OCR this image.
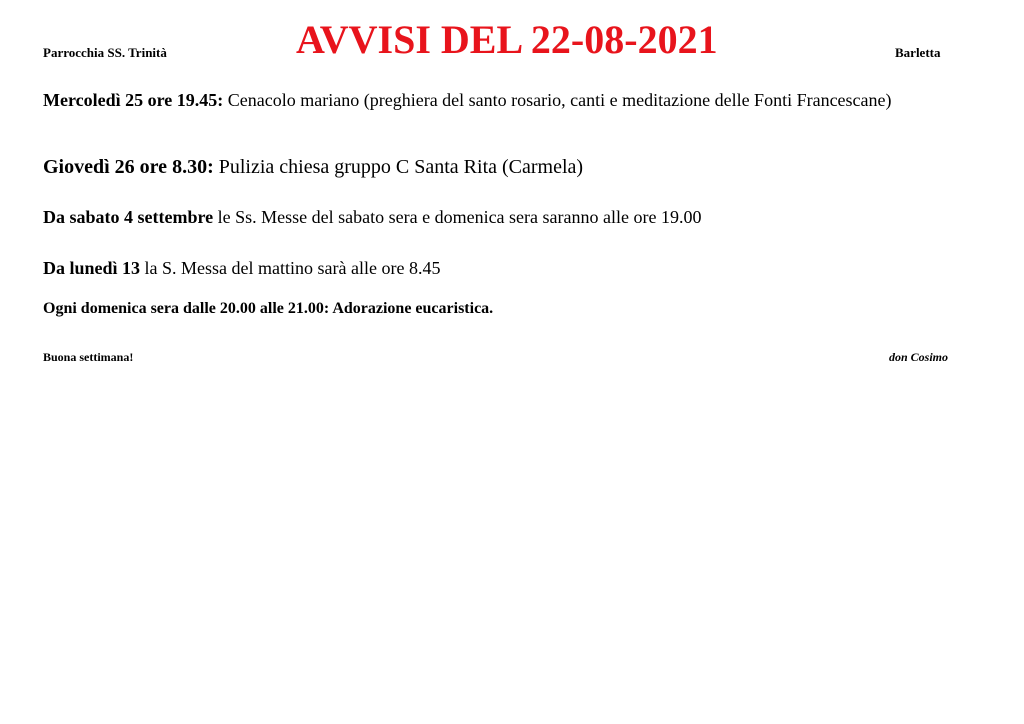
Parrocchia SS. Trinità	AVVISI DEL 22-08-2021	Barletta
Mercoledì 25 ore 19.45: Cenacolo mariano (preghiera del santo rosario, canti e meditazione delle Fonti Francescane)
Giovedì 26 ore 8.30: Pulizia chiesa gruppo C Santa Rita (Carmela)
Da sabato 4 settembre le Ss. Messe del sabato sera e domenica sera saranno alle ore 19.00
Da lunedì 13 la S. Messa del mattino sarà alle ore 8.45
Ogni domenica sera dalle 20.00 alle 21.00: Adorazione eucaristica.
Buona settimana!	don Cosimo
